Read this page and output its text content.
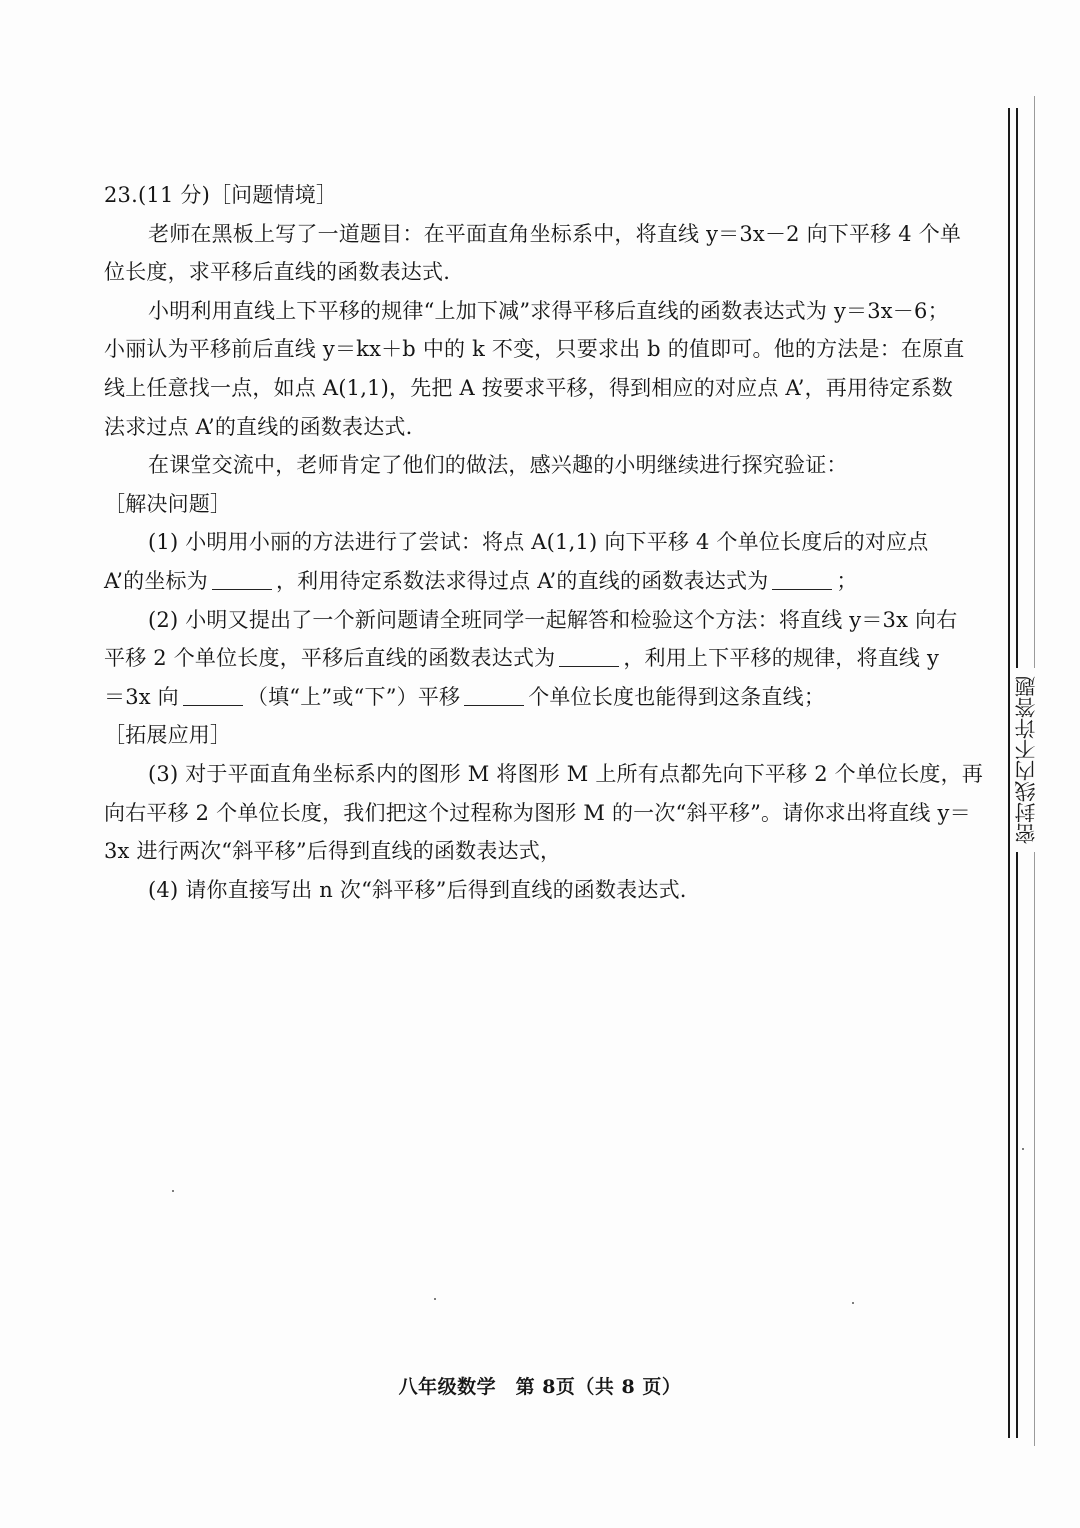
23.(11 分)［问题情境］
老师在黑板上写了一道题目：在平面直角坐标系中，将直线 y＝3x－2 向下平移 4 个单
位长度，求平移后直线的函数表达式.
小明利用直线上下平移的规律“上加下减”求得平移后直线的函数表达式为 y＝3x－6；
小丽认为平移前后直线 y＝kx＋b 中的 k 不变，只要求出 b 的值即可。他的方法是：在原直
线上任意找一点，如点 A(1,1)，先把 A 按要求平移，得到相应的对应点 A’，再用待定系数
法求过点 A’的直线的函数表达式.
在课堂交流中，老师肯定了他们的做法，感兴趣的小明继续进行探究验证：
［解决问题］
(1) 小明用小丽的方法进行了尝试：将点 A(1,1) 向下平移 4 个单位长度后的对应点
A’的坐标为	，利用待定系数法求得过点 A’的直线的函数表达式为	；
(2) 小明又提出了一个新问题请全班同学一起解答和检验这个方法：将直线 y＝3x 向右
平移 2 个单位长度，平移后直线的函数表达式为	，利用上下平移的规律，将直线 y
＝3x 向	（填“上”或“下”）平移	个单位长度也能得到这条直线；
［拓展应用］
(3) 对于平面直角坐标系内的图形 M 将图形 M 上所有点都先向下平移 2 个单位长度，再
向右平移 2 个单位长度，我们把这个过程称为图形 M 的一次“斜平移”。请你求出将直线 y＝
3x 进行两次“斜平移”后得到直线的函数表达式，
(4) 请你直接写出 n 次“斜平移”后得到直线的函数表达式.
密封线内不许答题
八年级数学　第 8页（共 8 页）
